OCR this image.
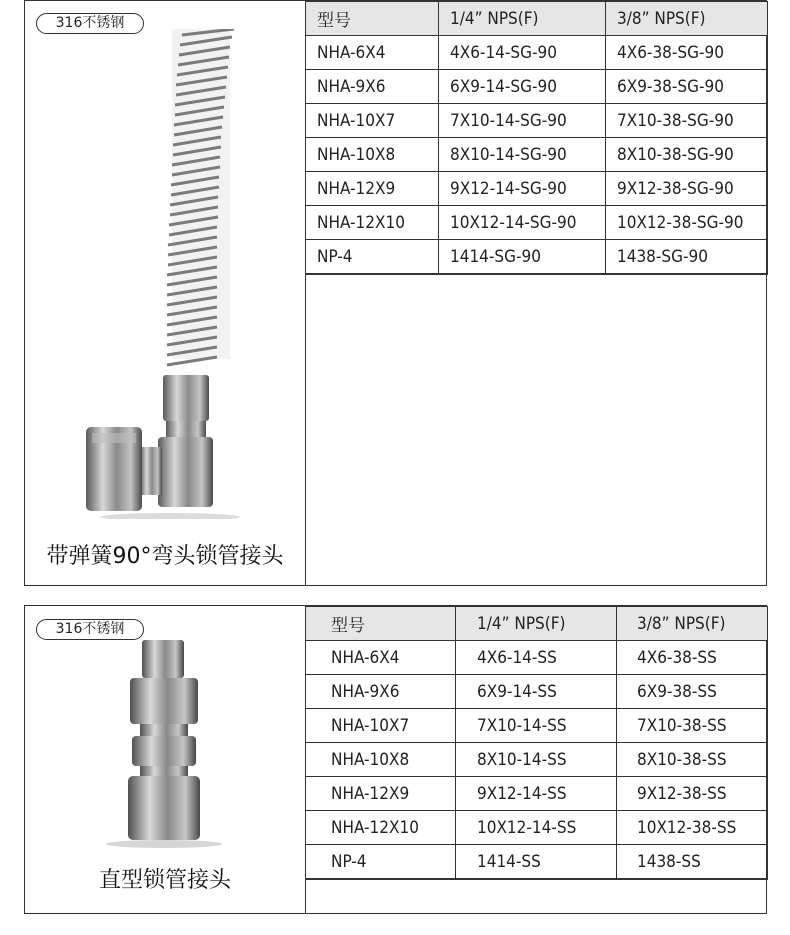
316不锈钢
带弹簧90°弯头锁管接头
型号	1/4” NPS(F)	3/8” NPS(F)
NHA-6X4	4X6-14-SG-90	4X6-38-SG-90
NHA-9X6	6X9-14-SG-90	6X9-38-SG-90
NHA-10X7	7X10-14-SG-90	7X10-38-SG-90
NHA-10X8	8X10-14-SG-90	8X10-38-SG-90
NHA-12X9	9X12-14-SG-90	9X12-38-SG-90
NHA-12X10	10X12-14-SG-90	10X12-38-SG-90
NP-4	1414-SG-90	1438-SG-90

316不锈钢
直型锁管接头
型号	1/4” NPS(F)	3/8” NPS(F)
NHA-6X4	4X6-14-SS	4X6-38-SS
NHA-9X6	6X9-14-SS	6X9-38-SS
NHA-10X7	7X10-14-SS	7X10-38-SS
NHA-10X8	8X10-14-SS	8X10-38-SS
NHA-12X9	9X12-14-SS	9X12-38-SS
NHA-12X10	10X12-14-SS	10X12-38-SS
NP-4	1414-SS	1438-SS
